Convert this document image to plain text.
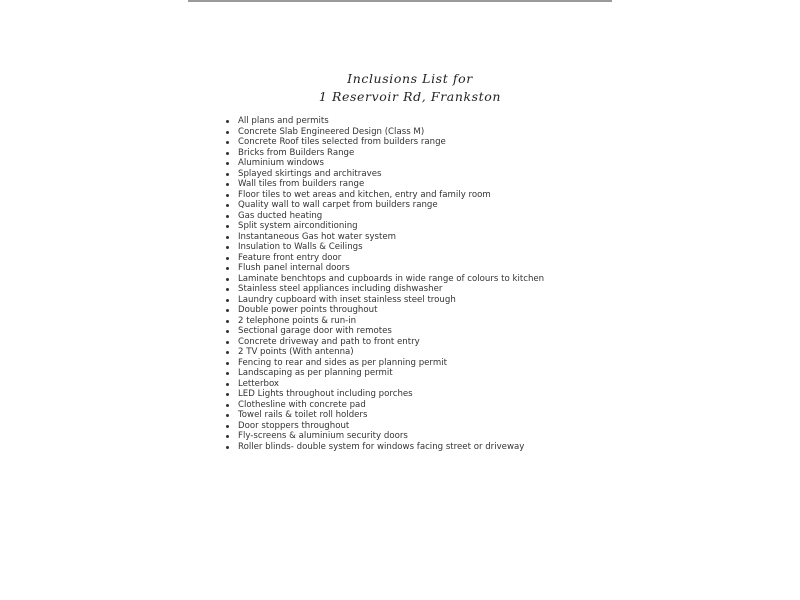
Inclusions List for
1 Reservoir Rd, Frankston
All plans and permits
Concrete Slab Engineered Design (Class M)
Concrete Roof tiles selected from builders range
Bricks from Builders Range
Aluminium windows
Splayed skirtings and architraves
Wall tiles from builders range
Floor tiles to wet areas and kitchen, entry and family room
Quality wall to wall carpet from builders range
Gas ducted heating
Split system airconditioning
Instantaneous Gas hot water system
Insulation to Walls & Ceilings
Feature front entry door
Flush panel internal doors
Laminate benchtops and cupboards in wide range of colours to kitchen
Stainless steel appliances including dishwasher
Laundry cupboard with inset stainless steel trough
Double power points throughout
2 telephone points & run-in
Sectional garage door with remotes
Concrete driveway and path to front entry
2 TV points (With antenna)
Fencing to rear and sides as per planning permit
Landscaping as per planning permit
Letterbox
LED Lights throughout including porches
Clothesline with concrete pad
Towel rails & toilet roll holders
Door stoppers throughout
Fly-screens & aluminium security doors
Roller blinds- double system for windows facing street or driveway
